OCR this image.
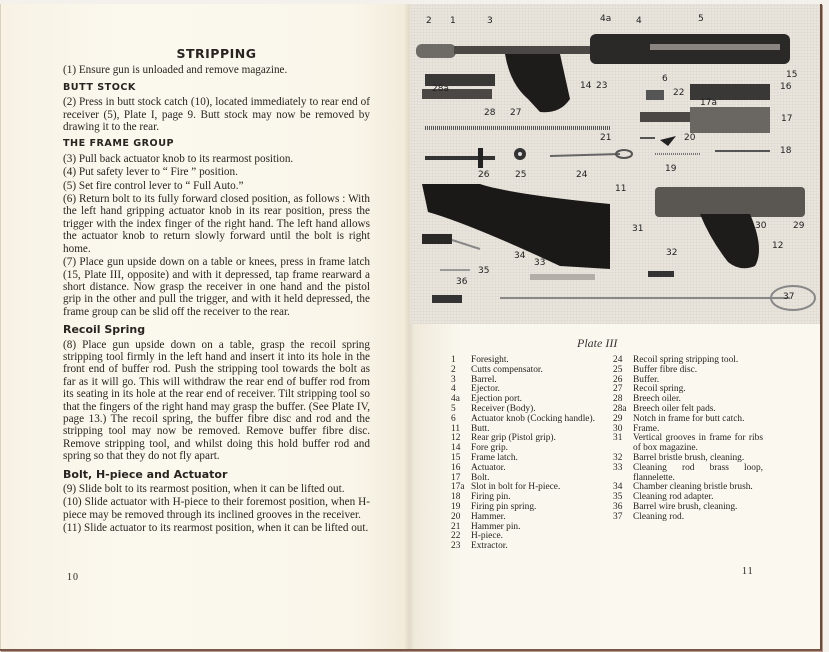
STRIPPING

(1) Ensure gun is unloaded and remove magazine.

BUTT STOCK

(2) Press in butt stock catch (10), located immediately to rear end of receiver (5), Plate I, page 9. Butt stock may now be removed by drawing it to the rear.

THE FRAME GROUP

(3) Pull back actuator knob to its rearmost position.

(4) Put safety lever to “ Fire ” position.

(5) Set fire control lever to “ Full Auto.”

(6) Return bolt to its fully forward closed position, as follows : With the left hand gripping actuator knob in its rear position, press the trigger with the index finger of the right hand. The left hand allows the actuator knob to return slowly forward until the bolt is right home.

(7) Place gun upside down on a table or knees, press in frame latch (15, Plate III, opposite) and with it depressed, tap frame rearward a short distance. Now grasp the receiver in one hand and the pistol grip in the other and pull the trigger, and with it held depressed, the frame group can be slid off the receiver to the rear.

Recoil Spring

(8) Place gun upside down on a table, grasp the recoil spring stripping tool firmly in the left hand and insert it into its hole in the front end of buffer rod. Push the stripping tool towards the bolt as far as it will go. This will withdraw the rear end of buffer rod from its seating in its hole at the rear end of receiver. Tilt stripping tool so that the fingers of the right hand may grasp the buffer. (See Plate IV, page 13.) The recoil spring, the buffer fibre disc and rod and the stripping tool may now be removed. Remove buffer fibre disc. Remove stripping tool, and whilst doing this hold buffer rod and spring so that they do not fly apart.

Bolt, H-piece and Actuator

(9) Slide bolt to its rearmost position, when it can be lifted out.

(10) Slide actuator with H-piece to their foremost position, when H-piece may be removed through its inclined grooves in the receiver.

(11) Slide actuator to its rearmost position, when it can be lifted out.

10
2 1	3	4a	4	5
15
6
16
22
17a
17
28a
28 27
14 23
21	20
18
26	25	24
19
11
30	29
31
12
32
34
35
33
36
37
Plate III
1	Foresight.
2	Cutts compensator.
3	Barrel.
4	Ejector.
4a	Ejection port.
5	Receiver (Body).
6	Actuator knob (Cocking handle).
11	Butt.
12	Rear grip (Pistol grip).
14	Fore grip.
15	Frame latch.
16	Actuator.
17	Bolt.
17a Slot in bolt for H-piece.
18	Firing pin.
19	Firing pin spring.
20	Hammer.
21	Hammer pin.
22	H-piece.
23	Extractor.
24	Recoil spring stripping tool.
25	Buffer fibre disc.
26	Buffer.
27	Recoil spring.
28	Breech oiler.
28a Breech oiler felt pads.
29	Notch in frame for butt catch.
30	Frame.
31	Vertical grooves in frame for ribs of box magazine.
32	Barrel bristle brush, cleaning.
33	Cleaning rod brass loop, flannelette.
34	Chamber cleaning bristle brush.
35	Cleaning rod adapter.
36	Barrel wire brush, cleaning.
37	Cleaning rod.
11
